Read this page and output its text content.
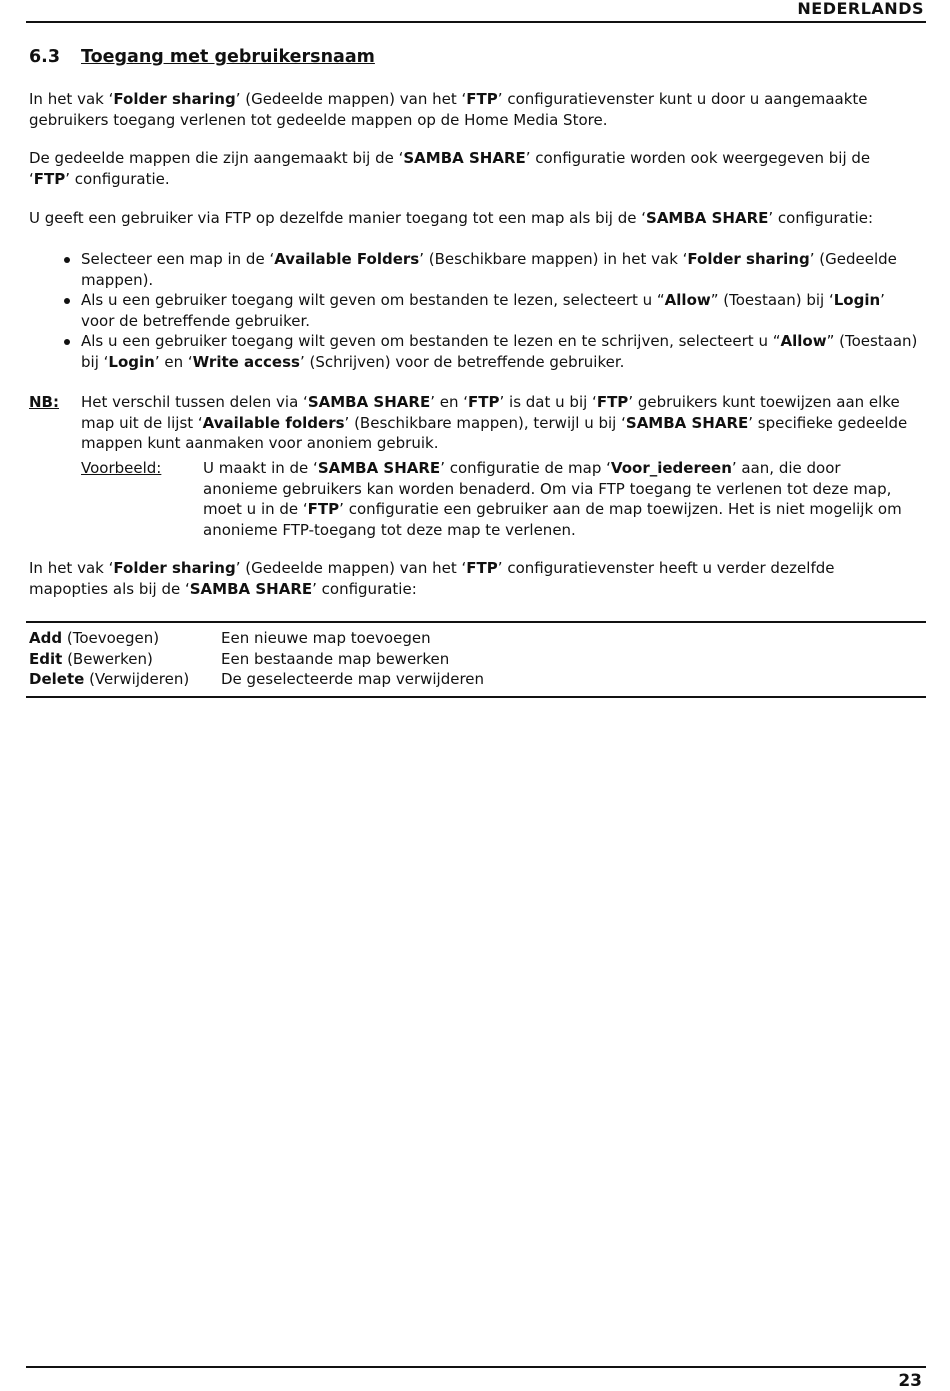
NEDERLANDS
6.3 Toegang met gebruikersnaam

In het vak ‘Folder sharing’ (Gedeelde mappen) van het ‘FTP’ configuratievenster kunt u door u aangemaakte gebruikers toegang verlenen tot gedeelde mappen op de Home Media Store.

De gedeelde mappen die zijn aangemaakt bij de ‘SAMBA SHARE’ configuratie worden ook weergegeven bij de ‘FTP’ configuratie.

U geeft een gebruiker via FTP op dezelfde manier toegang tot een map als bij de ‘SAMBA SHARE’ configuratie:

Selecteer een map in de ‘Available Folders’ (Beschikbare mappen) in het vak ‘Folder sharing’ (Gedeelde mappen).
Als u een gebruiker toegang wilt geven om bestanden te lezen, selecteert u “Allow” (Toestaan) bij ‘Login’ voor de betreffende gebruiker.
Als u een gebruiker toegang wilt geven om bestanden te lezen en te schrijven, selecteert u “Allow” (Toestaan) bij ‘Login’ en ‘Write access’ (Schrijven) voor de betreffende gebruiker.
NB: Het verschil tussen delen via ‘SAMBA SHARE’ en ‘FTP’ is dat u bij ‘FTP’ gebruikers kunt toewijzen aan elke map uit de lijst ‘Available folders’ (Beschikbare mappen), terwijl u bij ‘SAMBA SHARE’ specifieke gedeelde mappen kunt aanmaken voor anoniem gebruik.

Voorbeeld:	U maakt in de ‘SAMBA SHARE’ configuratie de map ‘Voor_iedereen’ aan, die door anonieme gebruikers kan worden benaderd. Om via FTP toegang te verlenen tot deze map, moet u in de ‘FTP’ configuratie een gebruiker aan de map toewijzen. Het is niet mogelijk om anonieme FTP-toegang tot deze map te verlenen.

In het vak ‘Folder sharing’ (Gedeelde mappen) van het ‘FTP’ configuratievenster heeft u verder dezelfde mapopties als bij de ‘SAMBA SHARE’ configuratie:

Add (Toevoegen)	Een nieuwe map toevoegen
Edit (Bewerken)	Een bestaande map bewerken
Delete (Verwijderen)	De geselecteerde map verwijderen
23
